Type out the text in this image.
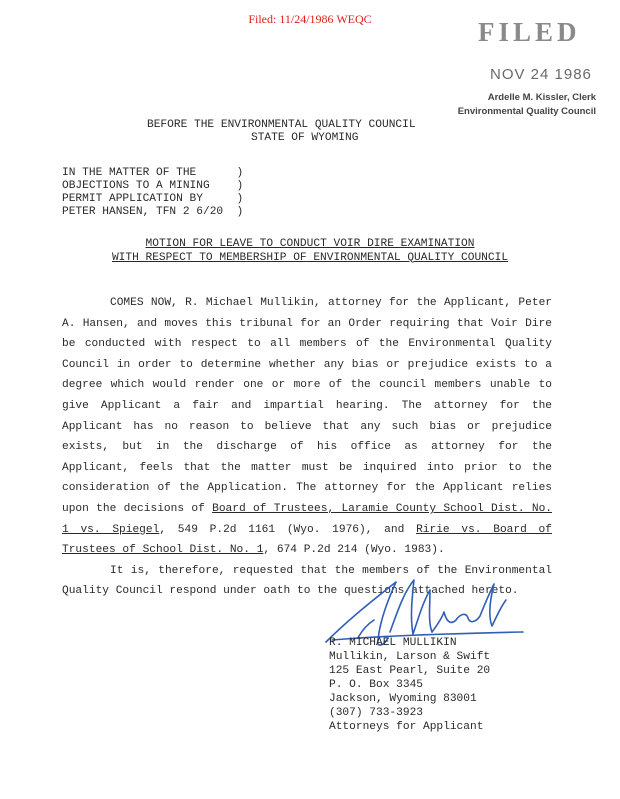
Filed: 11/24/1986 WEQC	FILED
NOV 24 1986
Ardelle M. Kissler, Clerk
Environmental Quality Council
BEFORE THE ENVIRONMENTAL QUALITY COUNCIL
STATE OF WYOMING
IN THE MATTER OF THE      )
OBJECTIONS TO A MINING    )
PERMIT APPLICATION BY     )
PETER HANSEN, TFN 2 6/20  )
MOTION FOR LEAVE TO CONDUCT VOIR DIRE EXAMINATION
WITH RESPECT TO MEMBERSHIP OF ENVIRONMENTAL QUALITY COUNCIL

COMES NOW, R. Michael Mullikin, attorney for the Applicant, Peter A. Hansen, and moves this tribunal for an Order requiring that Voir Dire be conducted with respect to all members of the Environmental Quality Council in order to determine whether any bias or prejudice exists to a degree which would render one or more of the council members unable to give Applicant a fair and impartial hearing. The attorney for the Applicant has no reason to believe that any such bias or prejudice exists, but in the discharge of his office as attorney for the Applicant, feels that the matter must be inquired into prior to the consideration of the Application. The attorney for the Applicant relies upon the decisions of Board of Trustees, Laramie County School Dist. No. 1 vs. Spiegel, 549 P.2d 1161 (Wyo. 1976), and Ririe vs. Board of Trustees of School Dist. No. 1, 674 P.2d 214 (Wyo. 1983).

It is, therefore, requested that the members of the Environmental Quality Council respond under oath to the questions attached hereto.

R. MICHAEL MULLIKIN
Mullikin, Larson & Swift
125 East Pearl, Suite 20
P. O. Box 3345
Jackson, Wyoming 83001
(307) 733-3923
Attorneys for Applicant
